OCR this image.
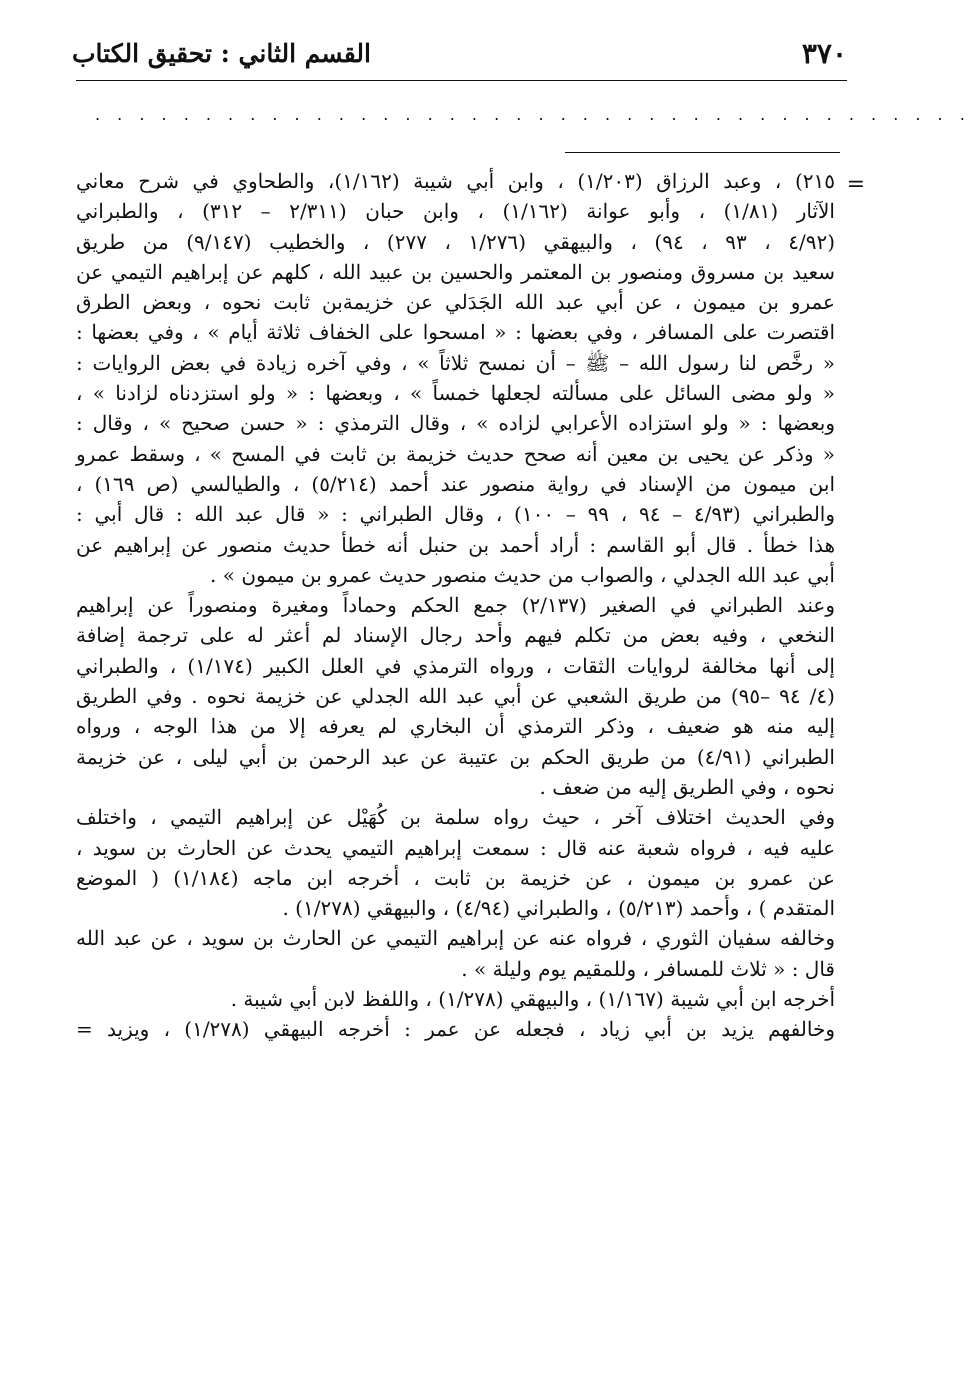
٣٧٠
القسم الثاني : تحقيق الكتاب
. . . . . . . . . . . . . . . . . . . . . . . . . . . . . . . . . . . . . . . .
=
٢١٥) ، وعبد الرزاق (١/٢٠٣) ، وابن أبي شيبة (١/١٦٢)، والطحاوي في شرح معاني
الآثار (١/٨١) ، وأبو عوانة (١/١٦٢) ، وابن حبان (٢/٣١١ – ٣١٢) ، والطبراني
(٤/٩٢ ، ٩٣ ، ٩٤) ، والبيهقي (١/٢٧٦ ، ٢٧٧) ، والخطيب (٩/١٤٧) من طريق
سعيد بن مسروق ومنصور بن المعتمر والحسين بن عبيد الله ، كلهم عن إبراهيم التيمي عن
عمرو بن ميمون ، عن أبي عبد الله الجَدَلي عن خزيمةبن ثابت نحوه ، وبعض الطرق
اقتصرت على المسافر ، وفي بعضها : « امسحوا على الخفاف ثلاثة أيام » ، وفي بعضها :
« رخَّص لنا رسول الله – ﷺ – أن نمسح ثلاثاً » ، وفي آخره زيادة في بعض الروايات :
« ولو مضى السائل على مسألته لجعلها خمساً » ، وبعضها : « ولو استزدناه لزادنا » ،
وبعضها : « ولو استزاده الأعرابي لزاده » ، وقال الترمذي : « حسن صحيح » ، وقال :
« وذكر عن يحيى بن معين أنه صحح حديث خزيمة بن ثابت في المسح » ، وسقط عمرو
ابن ميمون من الإسناد في رواية منصور عند أحمد (٥/٢١٤) ، والطيالسي (ص ١٦٩) ،
والطبراني (٤/٩٣ – ٩٤ ، ٩٩ – ١٠٠) ، وقال الطبراني : « قال عبد الله : قال أبي :
هذا خطأ . قال أبو القاسم : أراد أحمد بن حنبل أنه خطأ حديث منصور عن إبراهيم عن
أبي عبد الله الجدلي ، والصواب من حديث منصور حديث عمرو بن ميمون » .
وعند الطبراني في الصغير (٢/١٣٧) جمع الحكم وحماداً ومغيرة ومنصوراً عن إبراهيم
النخعي ، وفيه بعض من تكلم فيهم وأحد رجال الإسناد لم أعثر له على ترجمة إضافة
إلى أنها مخالفة لروايات الثقات ، ورواه الترمذي في العلل الكبير (١/١٧٤) ، والطبراني
(٤/ ٩٤ –٩٥) من طريق الشعبي عن أبي عبد الله الجدلي عن خزيمة نحوه . وفي الطريق
إليه منه هو ضعيف ، وذكر الترمذي أن البخاري لم يعرفه إلا من هذا الوجه ، ورواه
الطبراني (٤/٩١) من طريق الحكم بن عتيبة عن عبد الرحمن بن أبي ليلى ، عن خزيمة
نحوه ، وفي الطريق إليه من ضعف .
وفي الحديث اختلاف آخر ، حيث رواه سلمة بن كُهَيْل عن إبراهيم التيمي ، واختلف
عليه فيه ، فرواه شعبة عنه قال : سمعت إبراهيم التيمي يحدث عن الحارث بن سويد ،
عن عمرو بن ميمون ، عن خزيمة بن ثابت ، أخرجه ابن ماجه (١/١٨٤) ( الموضع
المتقدم ) ، وأحمد (٥/٢١٣) ، والطبراني (٤/٩٤) ، والبيهقي (١/٢٧٨) .
وخالفه سفيان الثوري ، فرواه عنه عن إبراهيم التيمي عن الحارث بن سويد ، عن عبد الله
قال : « ثلاث للمسافر ، وللمقيم يوم وليلة » .
أخرجه ابن أبي شيبة (١/١٦٧) ، والبيهقي (١/٢٧٨) ، واللفظ لابن أبي شيبة .
وخالفهم يزيد بن أبي زياد ، فجعله عن عمر : أخرجه البيهقي (١/٢٧٨) ، ويزيد =
